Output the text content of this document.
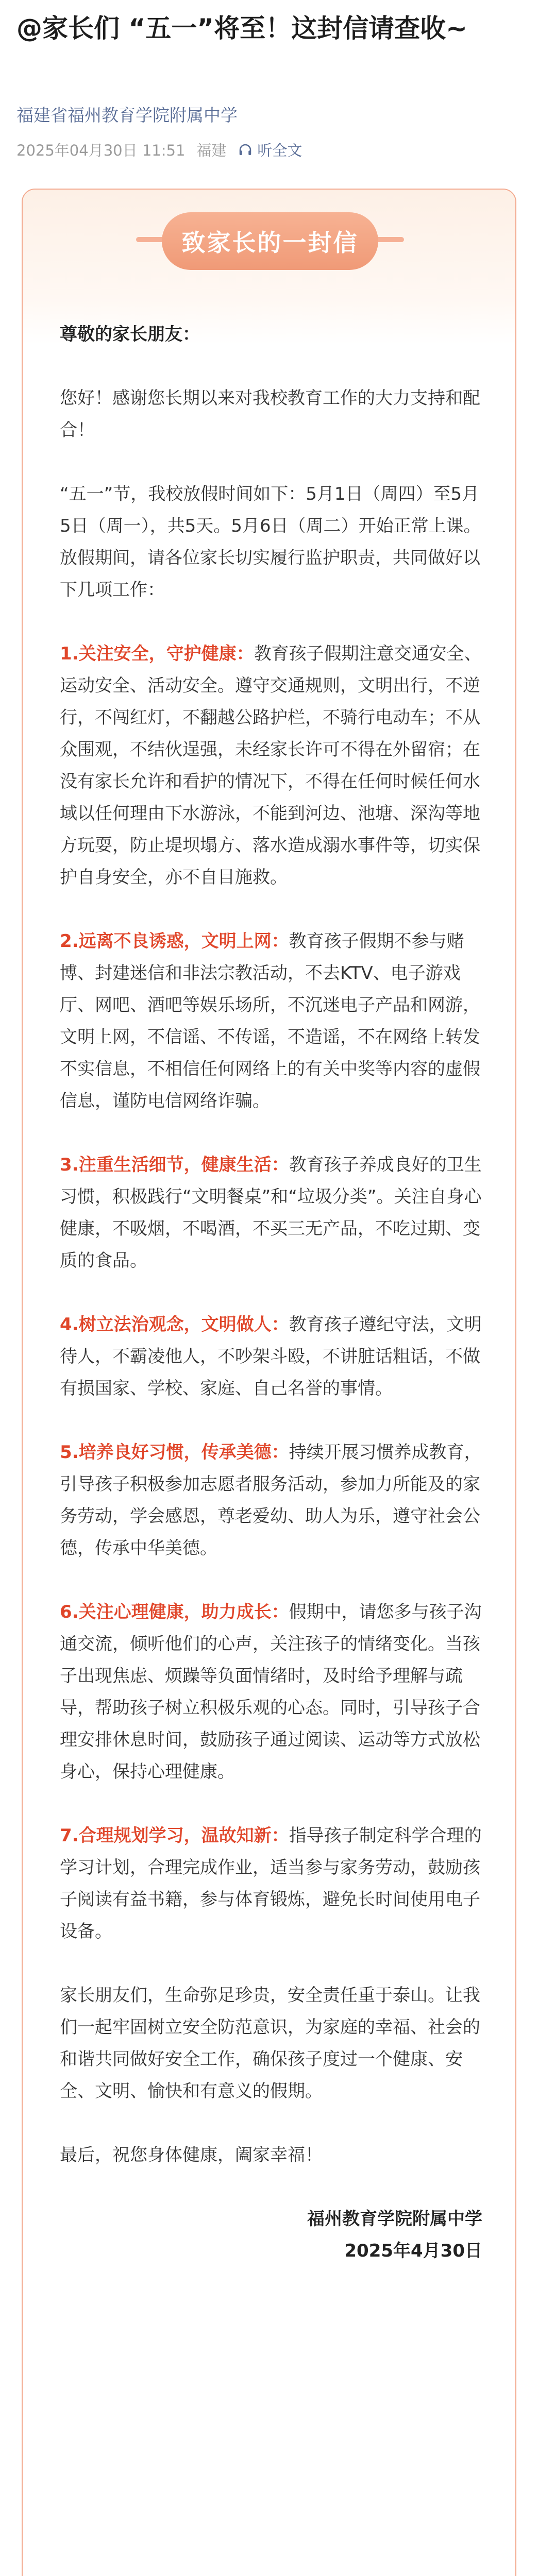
@家长们 “五一”将至！这封信请查收~
福建省福州教育学院附属中学
2025年04月30日 11:51 福建 听全文
致家长的一封信

尊敬的家长朋友：

您好！感谢您长期以来对我校教育工作的大力支持和配合！

“五一”节，我校放假时间如下：5月1日（周四）至5月5日（周一），共5天。5月6日（周二）开始正常上课。放假期间，请各位家长切实履行监护职责，共同做好以下几项工作：

1.关注安全，守护健康：教育孩子假期注意交通安全、运动安全、活动安全。遵守交通规则，文明出行，不逆行，不闯红灯，不翻越公路护栏，不骑行电动车；不从众围观，不结伙逞强，未经家长许可不得在外留宿；在没有家长允许和看护的情况下，不得在任何时候任何水域以任何理由下水游泳，不能到河边、池塘、深沟等地方玩耍，防止堤坝塌方、落水造成溺水事件等，切实保护自身安全，亦不自目施救。

2.远离不良诱惑，文明上网：教育孩子假期不参与赌博、封建迷信和非法宗教活动，不去KTV、电子游戏厅、网吧、酒吧等娱乐场所，不沉迷电子产品和网游，文明上网，不信谣、不传谣，不造谣，不在网络上转发不实信息，不相信任何网络上的有关中奖等内容的虚假信息，谨防电信网络诈骗。

3.注重生活细节，健康生活：教育孩子养成良好的卫生习惯，积极践行“文明餐桌”和“垃圾分类”。关注自身心健康，不吸烟，不喝酒，不买三无产品，不吃过期、变质的食品。

4.树立法治观念，文明做人：教育孩子遵纪守法，文明待人，不霸凌他人，不吵架斗殴，不讲脏话粗话，不做有损国家、学校、家庭、自己名誉的事情。

5.培养良好习惯，传承美德：持续开展习惯养成教育，引导孩子积极参加志愿者服务活动，参加力所能及的家务劳动，学会感恩，尊老爱幼、助人为乐，遵守社会公德，传承中华美德。

6.关注心理健康，助力成长：假期中，请您多与孩子沟通交流，倾听他们的心声，关注孩子的情绪变化。当孩子出现焦虑、烦躁等负面情绪时，及时给予理解与疏导，帮助孩子树立积极乐观的心态。同时，引导孩子合理安排休息时间，鼓励孩子通过阅读、运动等方式放松身心，保持心理健康。

7.合理规划学习，温故知新：指导孩子制定科学合理的学习计划，合理完成作业，适当参与家务劳动，鼓励孩子阅读有益书籍，参与体育锻炼，避免长时间使用电子设备。

家长朋友们，生命弥足珍贵，安全责任重于泰山。让我们一起牢固树立安全防范意识，为家庭的幸福、社会的和谐共同做好安全工作，确保孩子度过一个健康、安全、文明、愉快和有意义的假期。

最后，祝您身体健康，阖家幸福！

福州教育学院附属中学

2025年4月30日
